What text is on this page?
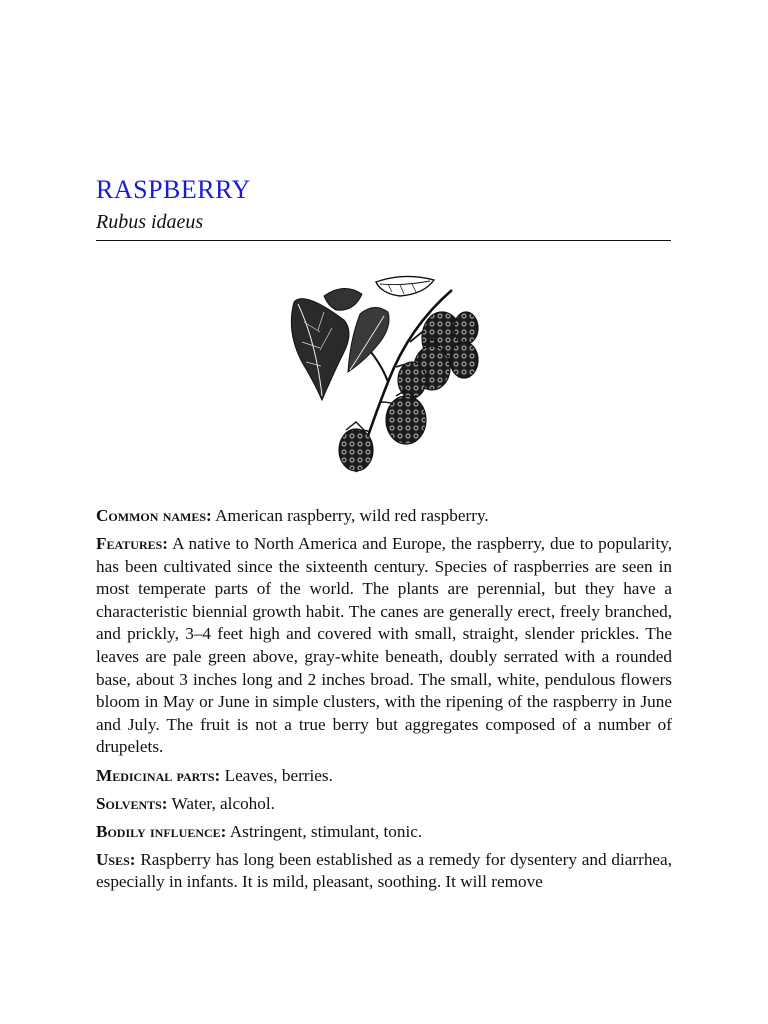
RASPBERRY

Rubus idaeus

Common names: American raspberry, wild red raspberry.

Features: A native to North America and Europe, the raspberry, due to popularity, has been cultivated since the sixteenth century. Species of raspberries are seen in most temperate parts of the world. The plants are perennial, but they have a characteristic biennial growth habit. The canes are generally erect, freely branched, and prickly, 3–4 feet high and covered with small, straight, slender prickles. The leaves are pale green above, gray-white beneath, doubly serrated with a rounded base, about 3 inches long and 2 inches broad. The small, white, pendulous flowers bloom in May or June in simple clusters, with the ripening of the raspberry in June and July. The fruit is not a true berry but aggregates composed of a number of drupelets.

Medicinal parts: Leaves, berries.

Solvents: Water, alcohol.

Bodily influence: Astringent, stimulant, tonic.

Uses: Raspberry has long been established as a remedy for dysentery and diarrhea, especially in infants. It is mild, pleasant, soothing. It will remove
